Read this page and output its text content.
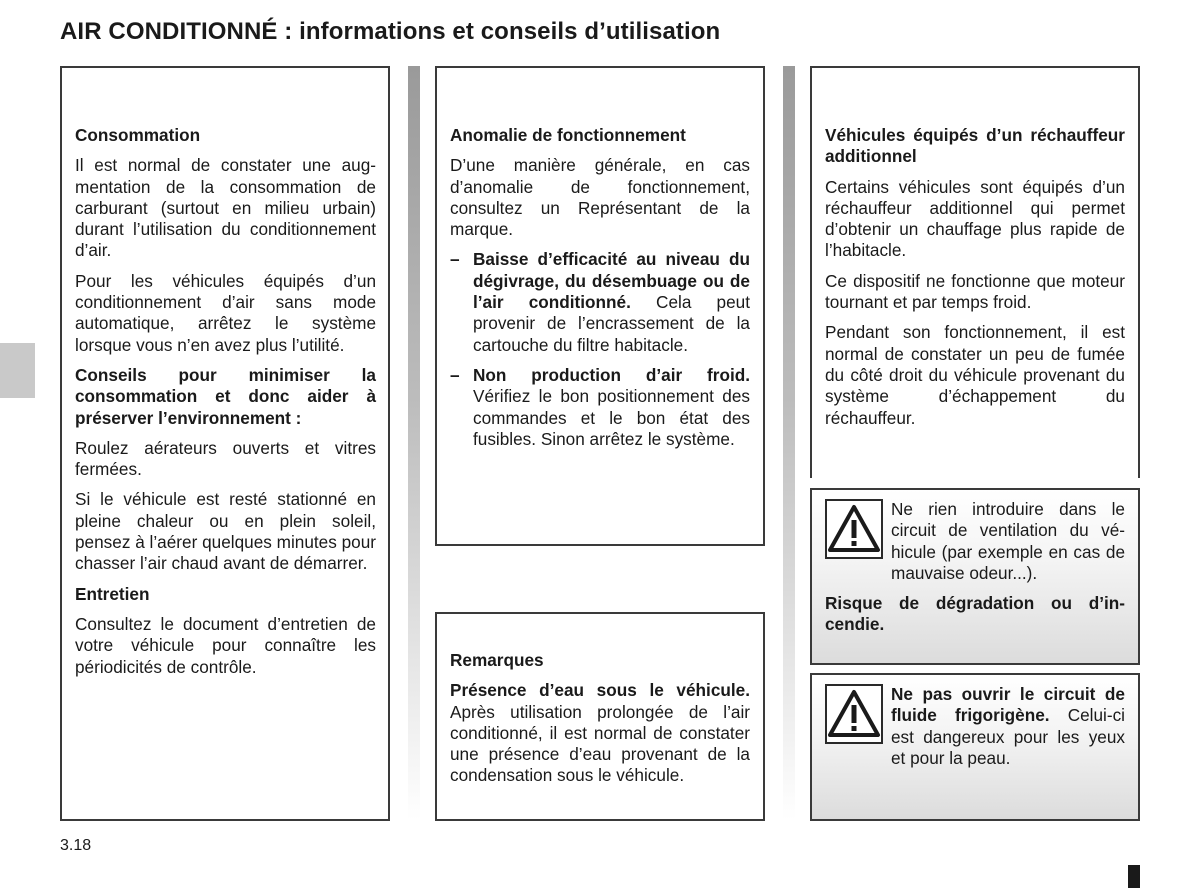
AIR CONDITIONNÉ : informations et conseils d’utilisation
Consommation

Il est normal de constater une augmentation de la consommation de carburant (surtout en milieu urbain) durant l’utilisation du conditionnement d’air.

Pour les véhicules équipés d’un conditionnement d’air sans mode automatique, arrêtez le système lorsque vous n’en avez plus l’utilité.

Conseils pour minimiser la consommation et donc aider à préserver l’environnement :

Roulez aérateurs ouverts et vitres fermées.

Si le véhicule est resté stationné en pleine chaleur ou en plein soleil, pensez à l’aérer quelques minutes pour chasser l’air chaud avant de démarrer.

Entretien

Consultez le document d’entretien de votre véhicule pour connaître les périodicités de contrôle.

Anomalie de fonctionnement

D’une manière générale, en cas d’anomalie de fonctionnement, consultez un Représentant de la marque.

– Baisse d’efficacité au niveau du dégivrage, du désembuage ou de l’air conditionné. Cela peut provenir de l’encrassement de la cartouche du filtre habitacle.
– Non production d’air froid. Vérifiez le bon positionnement des commandes et le bon état des fusibles. Sinon arrêtez le système.
Remarques

Présence d’eau sous le véhicule. Après utilisation prolongée de l’air conditionné, il est normal de constater une présence d’eau provenant de la condensation sous le véhicule.

Véhicules équipés d’un réchauffeur additionnel

Certains véhicules sont équipés d’un réchauffeur additionnel qui permet d’obtenir un chauffage plus rapide de l’habitacle.

Ce dispositif ne fonctionne que moteur tournant et par temps froid.

Pendant son fonctionnement, il est normal de constater un peu de fumée du côté droit du véhicule provenant du système d’échappement du réchauffeur.

Ne rien introduire dans le circuit de ventilation du véhicule (par exemple en cas de mauvaise odeur...).
Risque de dégradation ou d’incendie.
Ne pas ouvrir le circuit de fluide frigorigène. Celui-ci est dangereux pour les yeux et pour la peau.
3.18
